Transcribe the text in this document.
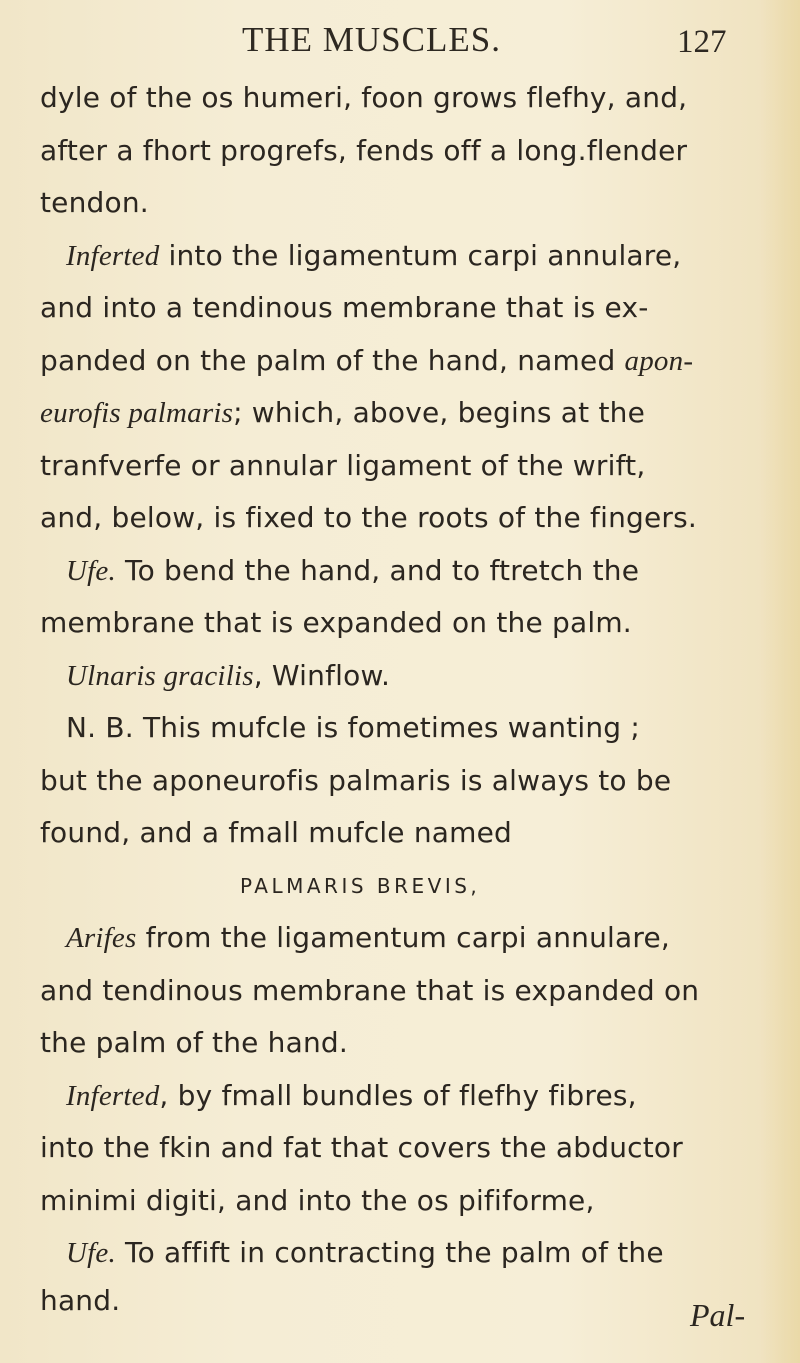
THE MUSCLES.	127
dyle of the os humeri, foon grows flefhy, and,
after a fhort progrefs, fends off a long.flender
tendon.
Inferted into the ligamentum carpi annulare,
and into a tendinous membrane that is ex-
panded on the palm of the hand, named apon-
eurofis palmaris; which, above, begins at the
tranfverfe or annular ligament of the wrift,
and, below, is fixed to the roots of the fingers.
Ufe. To bend the hand, and to ftretch the
membrane that is expanded on the palm.
Ulnaris gracilis, Winflow.
N. B. This mufcle is fometimes wanting ;
but the aponeurofis palmaris is always to be
found, and a fmall mufcle named
PALMARIS BREVIS,
Arifes from the ligamentum carpi annulare,
and tendinous membrane that is expanded on
the palm of the hand.
Inferted, by fmall bundles of flefhy fibres,
into the fkin and fat that covers the abductor
minimi digiti, and into the os pififorme,
Ufe. To affift in contracting the palm of the
hand.	Pal-
